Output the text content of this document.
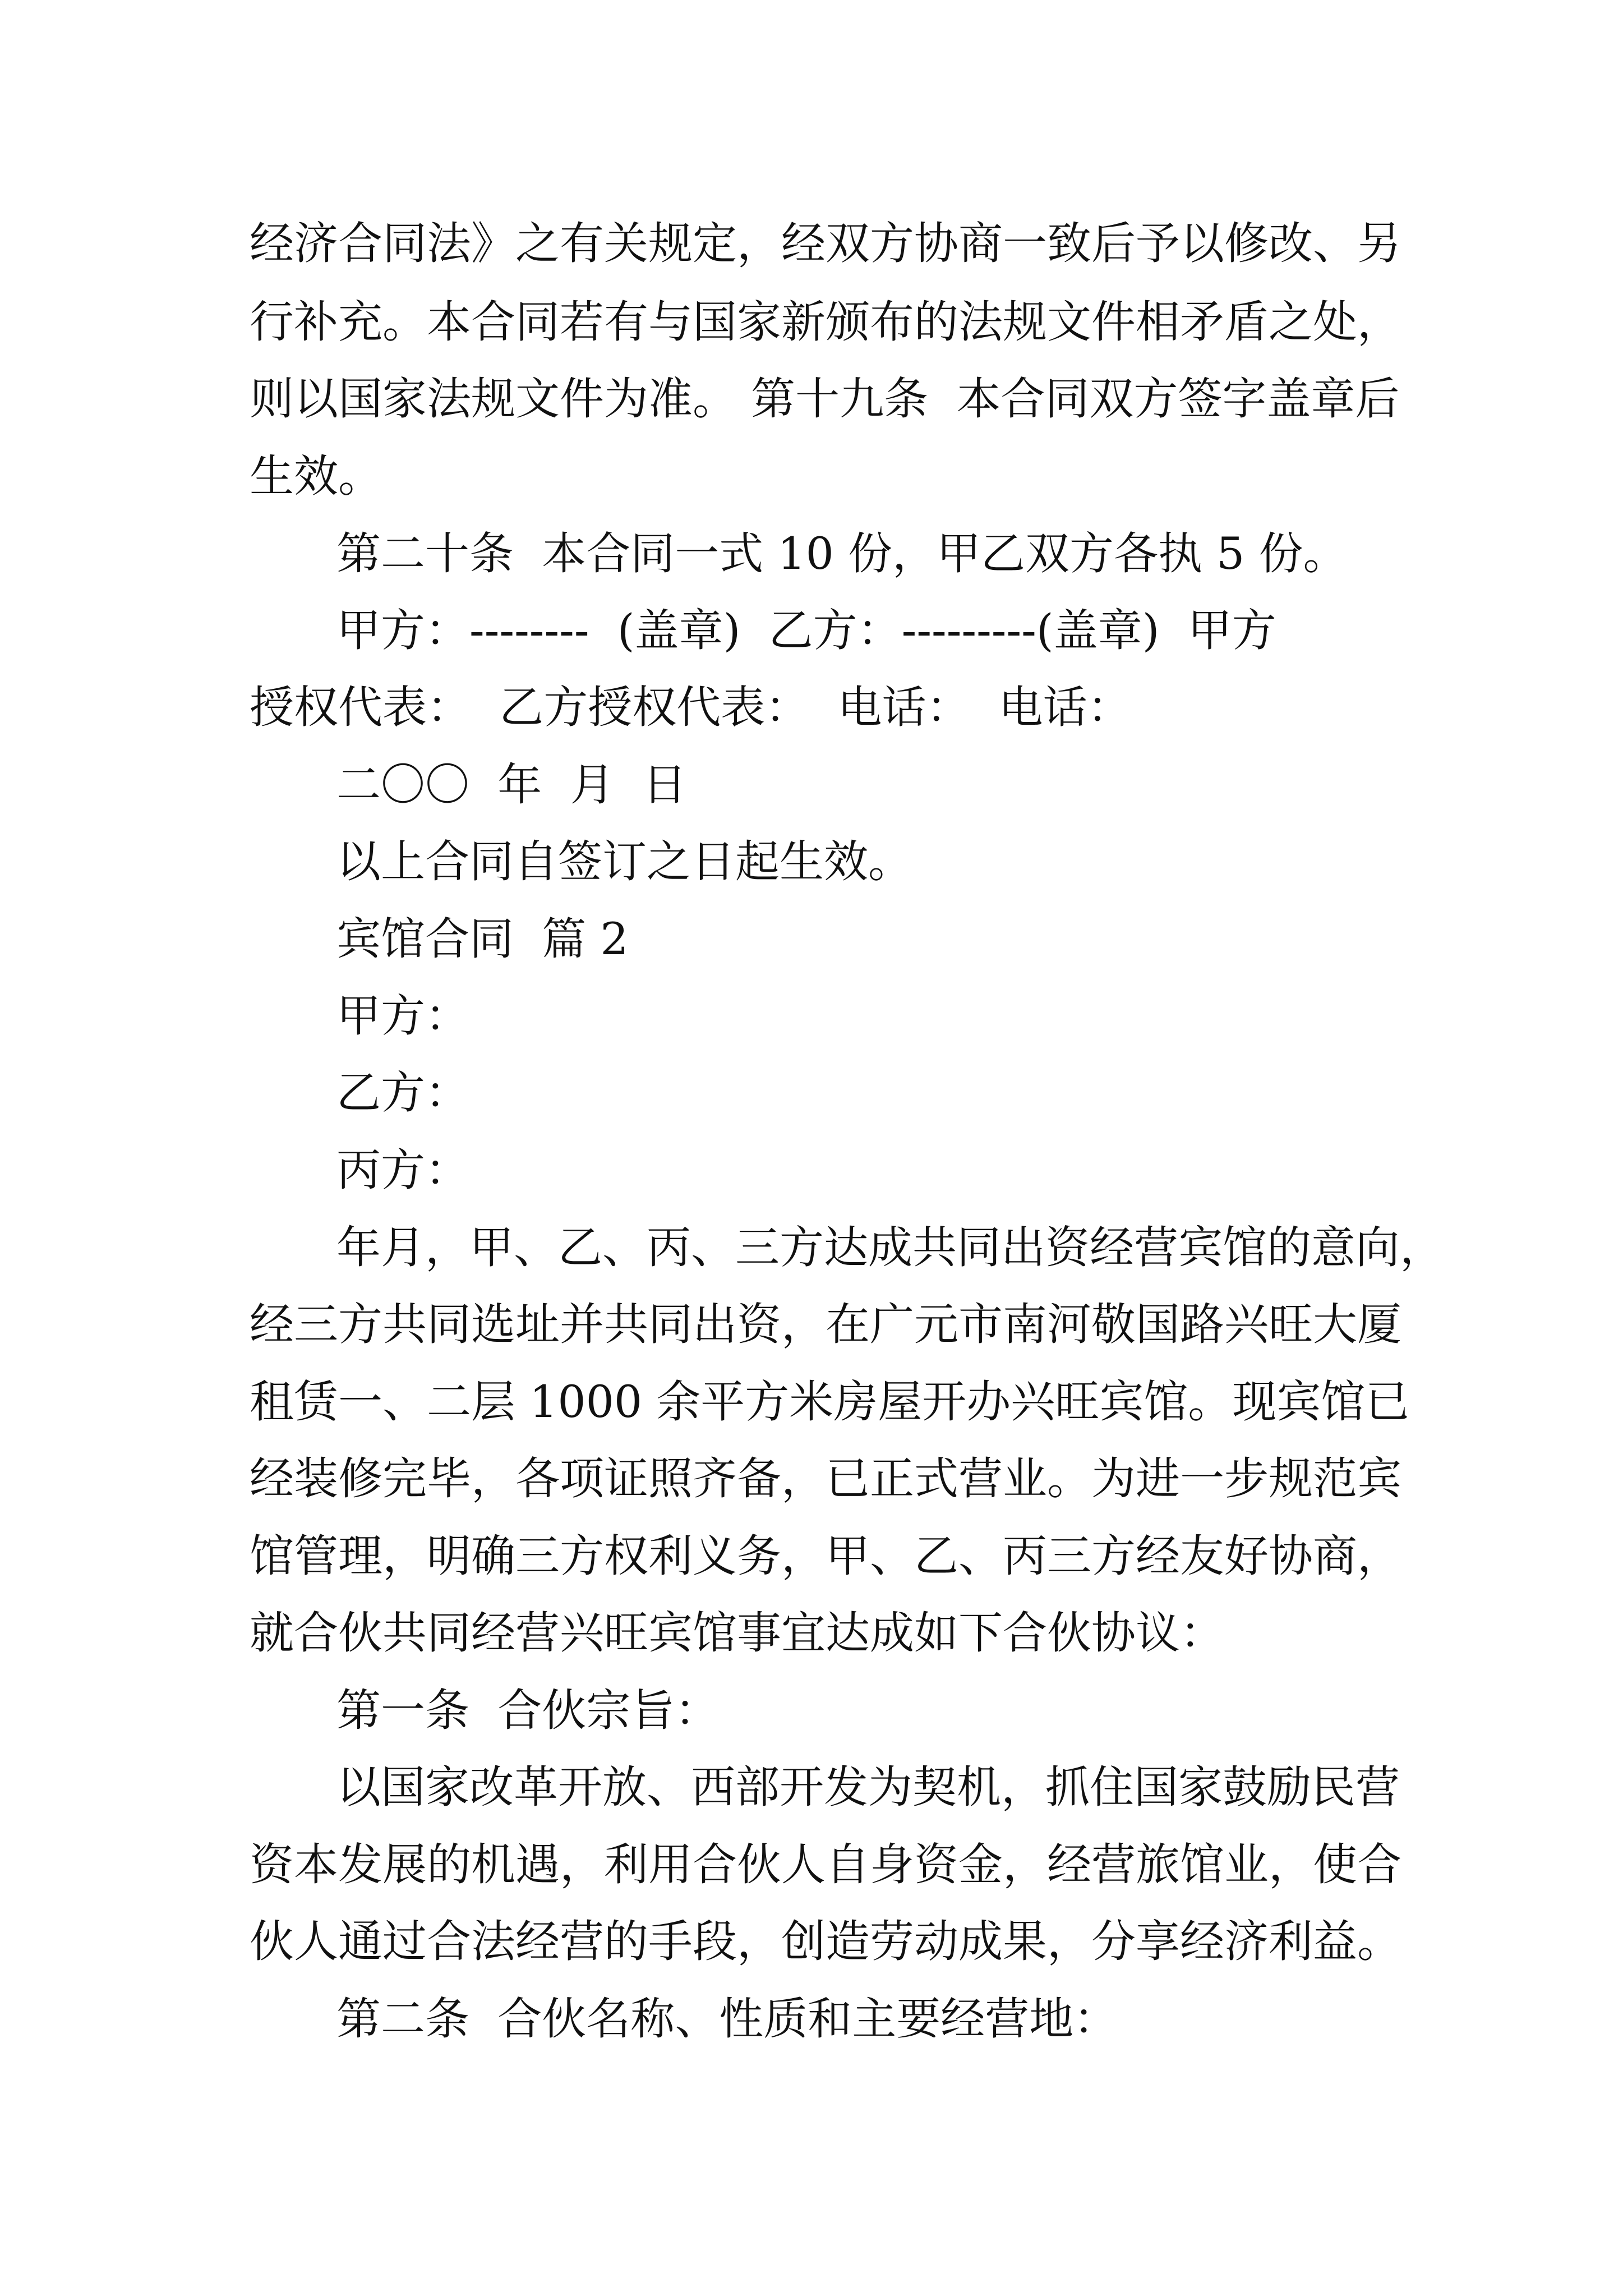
经济合同法》之有关规定，经双方协商一致后予以修改、另
行补充。本合同若有与国家新颁布的法规文件相矛盾之处，
则以国家法规文件为准。 第十九条  本合同双方签字盖章后
生效。
第二十条  本合同一式 10 份，甲乙双方各执 5 份。
甲方：--------  (盖章)  乙方：---------(盖章)  甲方
授权代表：  乙方授权代表：  电话：  电话：
二〇〇  年  月  日
以上合同自签订之日起生效。
宾馆合同  篇 2
甲方：
乙方：
丙方：
年月，甲、乙、丙、三方达成共同出资经营宾馆的意向，
经三方共同选址并共同出资，在广元市南河敬国路兴旺大厦
租赁一、二层 1000 余平方米房屋开办兴旺宾馆。现宾馆已
经装修完毕，各项证照齐备，已正式营业。为进一步规范宾
馆管理，明确三方权利义务，甲、乙、丙三方经友好协商，
就合伙共同经营兴旺宾馆事宜达成如下合伙协议：
第一条  合伙宗旨：
以国家改革开放、西部开发为契机，抓住国家鼓励民营
资本发展的机遇，利用合伙人自身资金，经营旅馆业，使合
伙人通过合法经营的手段，创造劳动成果，分享经济利益。
第二条  合伙名称、性质和主要经营地：
